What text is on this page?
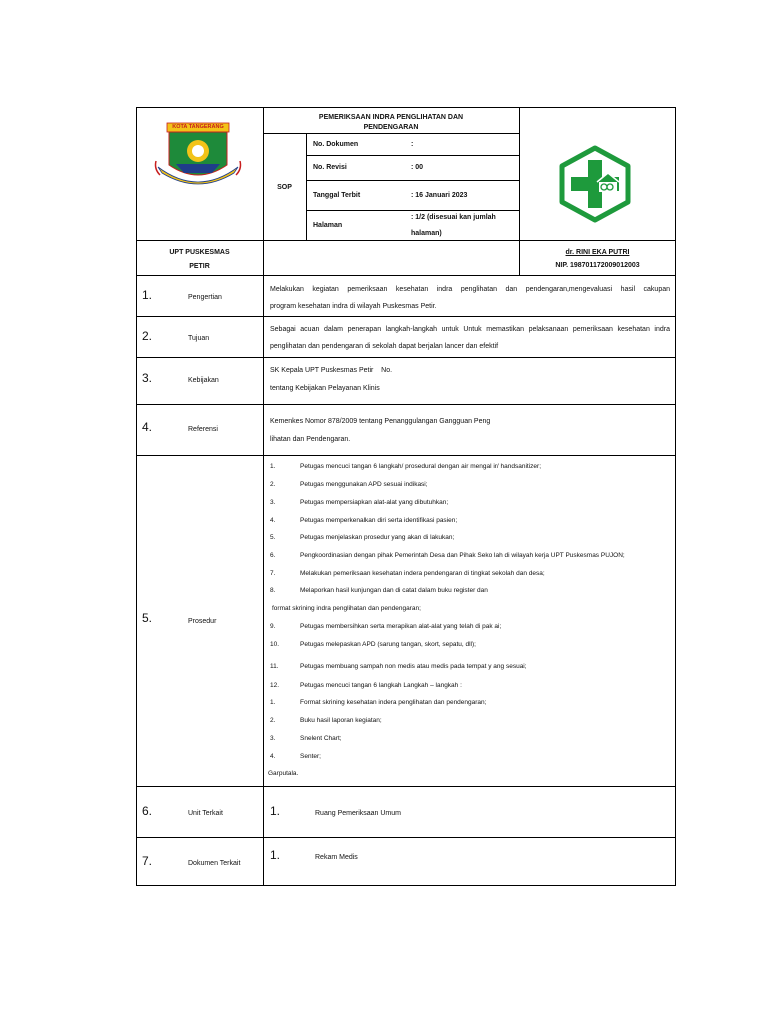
KOTA TANGERANG
PEMERIKSAAN INDRA PENGLIHATAN DAN
PENDENGARAN
SOP
No. Dokumen	:
No. Revisi	: 00
Tanggal Terbit	: 16 Januari 2023
Halaman
: 1/2 (disesuai kan jumlah
halaman)
UPT PUSKESMAS
PETIR
dr. RINI EKA PUTRI
NIP. 198701172009012003
1.	Pengertian
Melakukan kegiatan pemeriksaan kesehatan indra penglihatan dan pendengaran,mengevaluasi hasil cakupan
program kesehatan indra di wilayah Puskesmas Petir.
2.	Tujuan
Sebagai acuan dalam penerapan langkah-langkah untuk Untuk memastikan pelaksanaan pemeriksaan kesehatan indra
penglihatan dan pendengaran di sekolah dapat berjalan lancer dan efektif
3.	Kebijakan
SK Kepala UPT Puskesmas Petir    No.
tentang Kebijakan Pelayanan Klinis
4.	Referensi
Kemenkes Nomor 878/2009 tentang Penanggulangan Gangguan Peng
lihatan dan Pendengaran.
5.	Prosedur
1.	Petugas mencuci tangan 6 langkah/ prosedural dengan air mengal ir/ handsanitizer;
2.	Petugas menggunakan APD sesuai indikasi;
3.	Petugas mempersiapkan alat-alat yang dibutuhkan;
4.	Petugas memperkenalkan diri serta identifikasi pasien;
5.	Petugas menjelaskan prosedur yang akan di lakukan;
6.	Pengkoordinasian dengan pihak Pemerintah Desa dan Pihak Seko lah di wilayah kerja UPT Puskesmas PUJON;
7.	Melakukan pemeriksaan kesehatan indera pendengaran di tingkat sekolah dan desa;
8.	Melaporkan hasil kunjungan dan di catat dalam buku register dan
format skrining indra penglihatan dan pendengaran;
9.	Petugas membersihkan serta merapikan alat-alat yang telah di pak ai;
10.	Petugas melepaskan APD (sarung tangan, skort, sepatu, dll);
11.	Petugas membuang sampah non medis atau medis pada tempat y ang sesuai;
12.	Petugas mencuci tangan 6 langkah Langkah – langkah :
1.	Format skrining kesehatan indera penglihatan dan pendengaran;
2.	Buku hasil laporan kegiatan;
3.	Snelent Chart;
4.	Senter;
Garputala.
6.	Unit Terkait	1.	Ruang Pemeriksaan Umum
7.	Dokumen Terkait
1.	Rekam Medis
